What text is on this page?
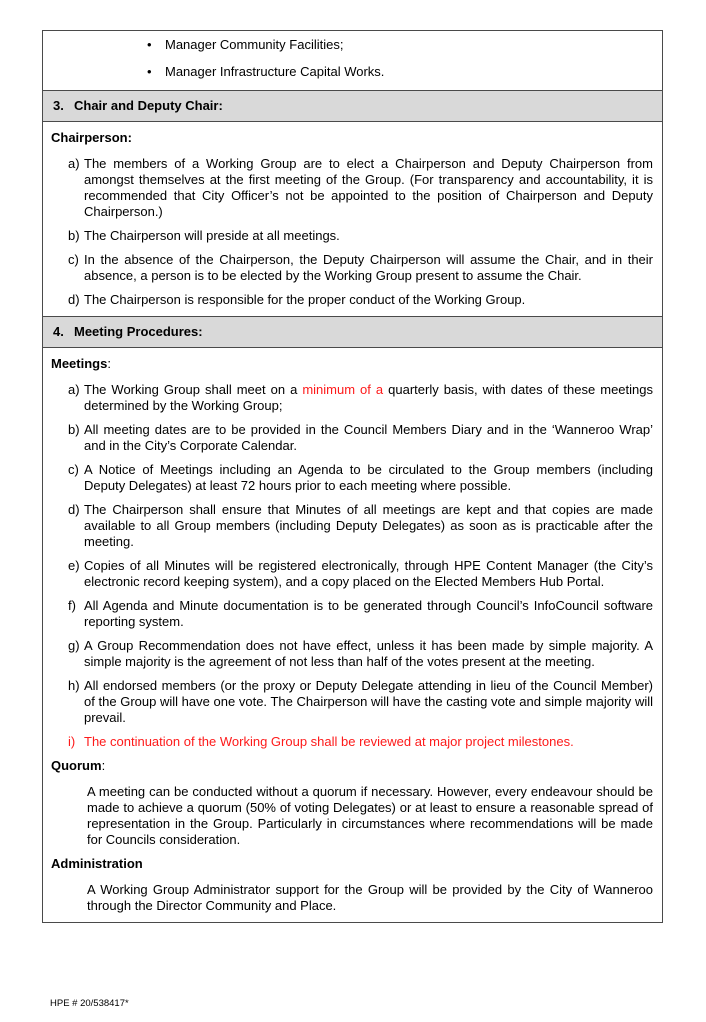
•	Manager Community Facilities;
•	Manager Infrastructure Capital Works.
3. Chair and Deputy Chair:
Chairperson:
a) The members of a Working Group are to elect a Chairperson and Deputy Chairperson from amongst themselves at the first meeting of the Group. (For transparency and accountability, it is recommended that City Officer’s not be appointed to the position of Chairperson and Deputy Chairperson.)
b) The Chairperson will preside at all meetings.
c) In the absence of the Chairperson, the Deputy Chairperson will assume the Chair, and in their absence, a person is to be elected by the Working Group present to assume the Chair.
d) The Chairperson is responsible for the proper conduct of the Working Group.
4. Meeting Procedures:
Meetings:
a) The Working Group shall meet on a minimum of a quarterly basis, with dates of these meetings determined by the Working Group;
b) All meeting dates are to be provided in the Council Members Diary and in the ‘Wanneroo Wrap’ and in the City’s Corporate Calendar.
c) A Notice of Meetings including an Agenda to be circulated to the Group members (including Deputy Delegates) at least 72 hours prior to each meeting where possible.
d) The Chairperson shall ensure that Minutes of all meetings are kept and that copies are made available to all Group members (including Deputy Delegates) as soon as is practicable after the meeting.
e) Copies of all Minutes will be registered electronically, through HPE Content Manager (the City’s electronic record keeping system), and a copy placed on the Elected Members Hub Portal.
f) All Agenda and Minute documentation is to be generated through Council’s InfoCouncil software reporting system.
g) A Group Recommendation does not have effect, unless it has been made by simple majority. A simple majority is the agreement of not less than half of the votes present at the meeting.
h) All endorsed members (or the proxy or Deputy Delegate attending in lieu of the Council Member) of the Group will have one vote. The Chairperson will have the casting vote and simple majority will prevail.
i) The continuation of the Working Group shall be reviewed at major project milestones.
Quorum:
A meeting can be conducted without a quorum if necessary. However, every endeavour should be made to achieve a quorum (50% of voting Delegates) or at least to ensure a reasonable spread of representation in the Group. Particularly in circumstances where recommendations will be made for Councils consideration.
Administration
A Working Group Administrator support for the Group will be provided by the City of Wanneroo through the Director Community and Place.
HPE # 20/538417*
